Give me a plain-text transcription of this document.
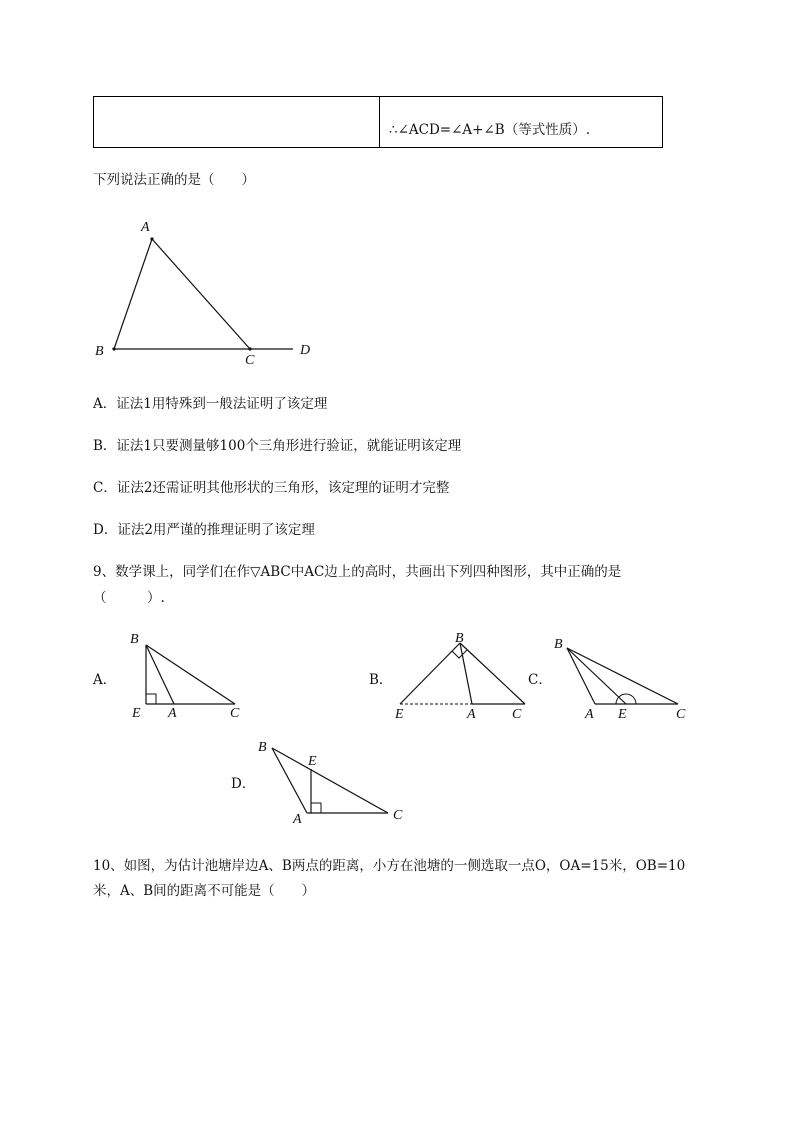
∴∠ACD=∠A+∠B（等式性质）.
下列说法正确的是（　　）
A
B
C
D
A．证法1用特殊到一般法证明了该定理
B．证法1只要测量够100个三角形进行验证，就能证明该定理
C．证法2还需证明其他形状的三角形，该定理的证明才完整
D．证法2用严谨的推理证明了该定理
9、数学课上，同学们在作▽ABC中AC边上的高时，共画出下列四种图形，其中正确的是
（　　　）.
A．
B
E A	C
B．
B
E	A	C
C．
B
A E	C
D．
B
E
A	C
10、如图，为估计池塘岸边A、B两点的距离，小方在池塘的一侧选取一点O，OA=15米，OB=10
米，A、B间的距离不可能是（　　）
